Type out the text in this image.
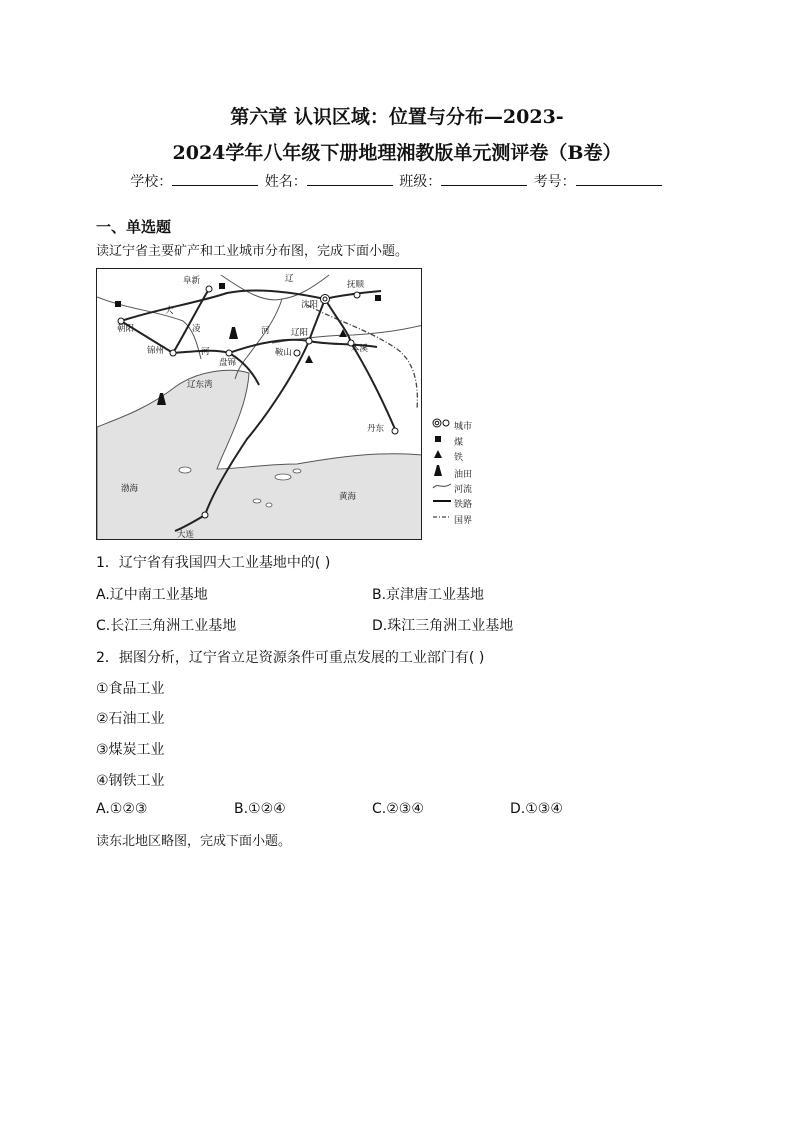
第六章 认识区域：位置与分布—2023-
2024学年八年级下册地理湘教版单元测评卷（B卷）
学校：	姓名：	班级：	考号：
一、单选题
读辽宁省主要矿产和工业城市分布图，完成下面小题。
阜新	辽
抚顺
沈阳
大
朝阳	凌	河	辽阳
锦州	河
盘锦
鞍山	本溪
辽东湾
丹东
渤海
黄海
大连
城市
煤
铁
油田
河流
铁路
国界
1．辽宁省有我国四大工业基地中的( )
A.辽中南工业基地	B.京津唐工业基地
C.长江三角洲工业基地	D.珠江三角洲工业基地
2．据图分析，辽宁省立足资源条件可重点发展的工业部门有( )
①食品工业
②石油工业
③煤炭工业
④钢铁工业
A.①②③	B.①②④	C.②③④	D.①③④
读东北地区略图，完成下面小题。
